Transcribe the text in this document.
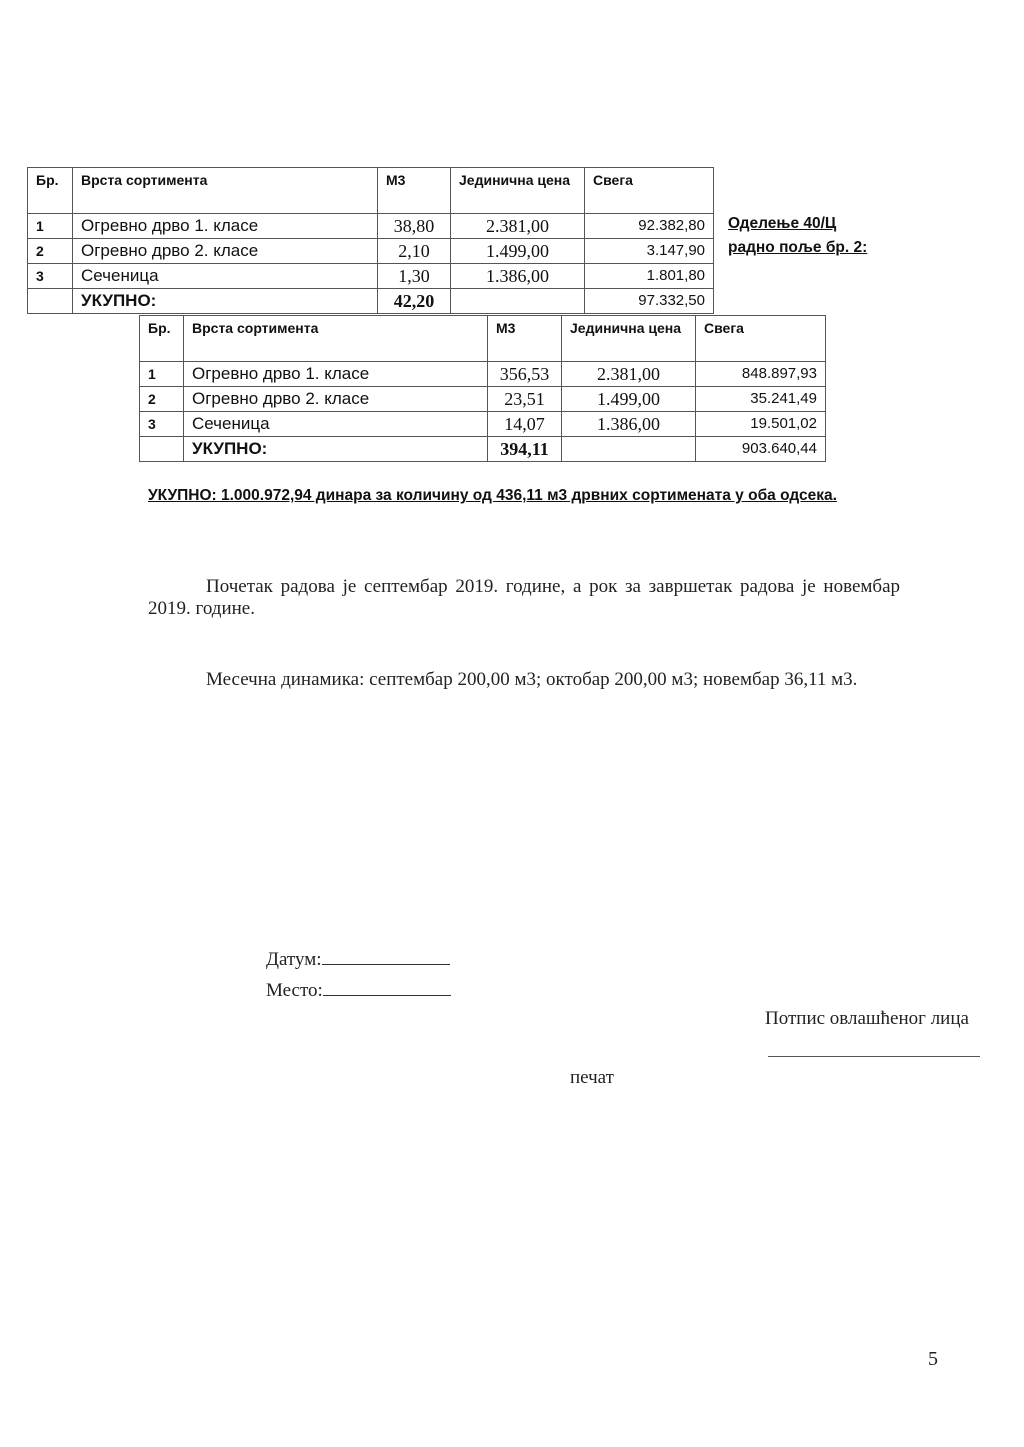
Бр.	Врста сортимента	М3	Јединична цена	Свега
1	Огревно дрво 1. класе	38,80	2.381,00	92.382,80
2	Огревно дрво 2. класе	2,10	1.499,00	3.147,90
3	Сечeница	1,30	1.386,00	1.801,80
	УКУПНО:	42,20		97.332,50
Оделење 40/Ц
радно поље бр. 2:
Бр.	Врста сортимента	М3	Јединична цена	Свега
1	Огревно дрво 1. класе	356,53	2.381,00	848.897,93
2	Огревно дрво 2. класе	23,51	1.499,00	35.241,49
3	Сечeница	14,07	1.386,00	19.501,02
	УКУПНО:	394,11		903.640,44
УКУПНО: 1.000.972,94 динара за количину од 436,11 м3 дрвних сортимената у оба одсека.
Почетак радова је септембар 2019. године, а рок за завршетак радова је новембар 2019. године.
Месечна динамика: септембар 200,00 м3; октобар 200,00 м3; новембар 36,11 м3.
Датум:
Место:
Потпис овлашћеног лица
печат
5
